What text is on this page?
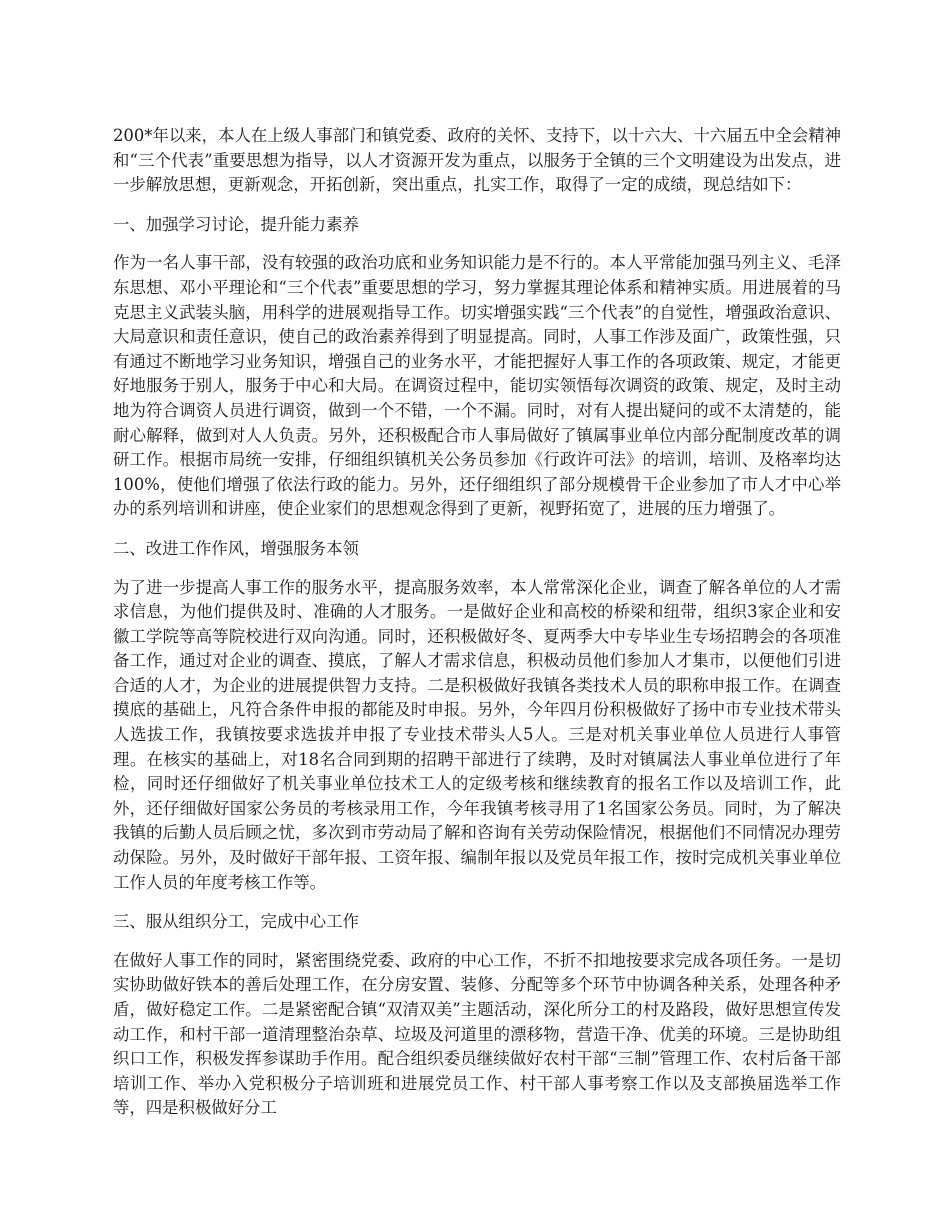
200*年以来，本人在上级人事部门和镇党委、政府的关怀、支持下，以十六大、十六届五中全会精神和“三个代表”重要思想为指导，以人才资源开发为重点，以服务于全镇的三个文明建设为出发点，进一步解放思想，更新观念，开拓创新，突出重点，扎实工作，取得了一定的成绩，现总结如下：

一、加强学习讨论，提升能力素养

作为一名人事干部，没有较强的政治功底和业务知识能力是不行的。本人平常能加强马列主义、毛泽东思想、邓小平理论和“三个代表”重要思想的学习，努力掌握其理论体系和精神实质。用进展着的马克思主义武装头脑，用科学的进展观指导工作。切实增强实践“三个代表”的自觉性，增强政治意识、大局意识和责任意识，使自己的政治素养得到了明显提高。同时，人事工作涉及面广，政策性强，只有通过不断地学习业务知识，增强自己的业务水平，才能把握好人事工作的各项政策、规定，才能更好地服务于别人，服务于中心和大局。在调资过程中，能切实领悟每次调资的政策、规定，及时主动地为符合调资人员进行调资，做到一个不错，一个不漏。同时，对有人提出疑问的或不太清楚的，能耐心解释，做到对人人负责。另外，还积极配合市人事局做好了镇属事业单位内部分配制度改革的调研工作。根据市局统一安排，仔细组织镇机关公务员参加《行政许可法》的培训，培训、及格率均达100%，使他们增强了依法行政的能力。另外，还仔细组织了部分规模骨干企业参加了市人才中心举办的系列培训和讲座，使企业家们的思想观念得到了更新，视野拓宽了，进展的压力增强了。

二、改进工作作风，增强服务本领

为了进一步提高人事工作的服务水平，提高服务效率，本人常常深化企业，调查了解各单位的人才需求信息，为他们提供及时、准确的人才服务。一是做好企业和高校的桥梁和纽带，组织3家企业和安徽工学院等高等院校进行双向沟通。同时，还积极做好冬、夏两季大中专毕业生专场招聘会的各项准备工作，通过对企业的调查、摸底，了解人才需求信息，积极动员他们参加人才集市，以便他们引进合适的人才，为企业的进展提供智力支持。二是积极做好我镇各类技术人员的职称申报工作。在调查摸底的基础上，凡符合条件申报的都能及时申报。另外，今年四月份积极做好了扬中市专业技术带头人选拔工作，我镇按要求选拔并申报了专业技术带头人5人。三是对机关事业单位人员进行人事管理。在核实的基础上，对18名合同到期的招聘干部进行了续聘，及时对镇属法人事业单位进行了年检，同时还仔细做好了机关事业单位技术工人的定级考核和继续教育的报名工作以及培训工作，此外，还仔细做好国家公务员的考核录用工作，今年我镇考核寻用了1名国家公务员。同时，为了解决我镇的后勤人员后顾之忧，多次到市劳动局了解和咨询有关劳动保险情况，根据他们不同情况办理劳动保险。另外，及时做好干部年报、工资年报、编制年报以及党员年报工作，按时完成机关事业单位工作人员的年度考核工作等。

三、服从组织分工，完成中心工作

在做好人事工作的同时，紧密围绕党委、政府的中心工作，不折不扣地按要求完成各项任务。一是切实协助做好铁本的善后处理工作，在分房安置、装修、分配等多个环节中协调各种关系，处理各种矛盾，做好稳定工作。二是紧密配合镇“双清双美”主题活动，深化所分工的村及路段，做好思想宣传发动工作，和村干部一道清理整治杂草、垃圾及河道里的漂移物，营造干净、优美的环境。三是协助组织口工作，积极发挥参谋助手作用。配合组织委员继续做好农村干部“三制”管理工作、农村后备干部培训工作、举办入党积极分子培训班和进展党员工作、村干部人事考察工作以及支部换届选举工作等，四是积极做好分工
